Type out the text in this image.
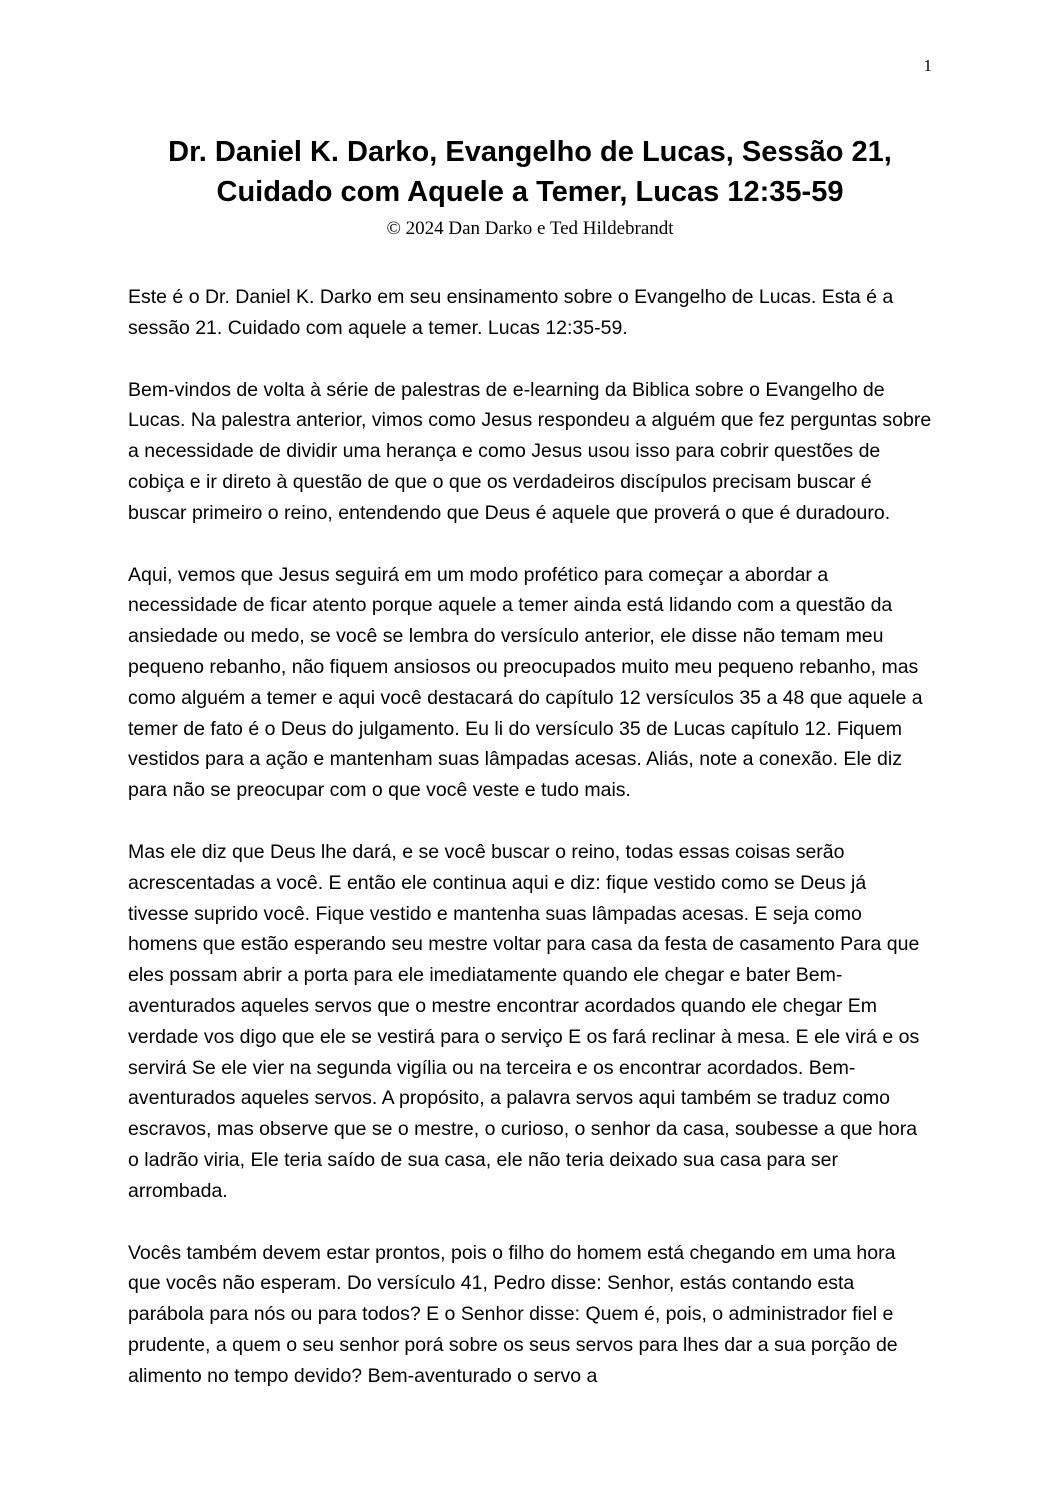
1
Dr. Daniel K. Darko, Evangelho de Lucas, Sessão 21,
Cuidado com Aquele a Temer, Lucas 12:35-59
© 2024 Dan Darko e Ted Hildebrandt

Este é o Dr. Daniel K. Darko em seu ensinamento sobre o Evangelho de Lucas. Esta é a sessão 21. Cuidado com aquele a temer. Lucas 12:35-59.

Bem-vindos de volta à série de palestras de e-learning da Biblica sobre o Evangelho de Lucas. Na palestra anterior, vimos como Jesus respondeu a alguém que fez perguntas sobre a necessidade de dividir uma herança e como Jesus usou isso para cobrir questões de cobiça e ir direto à questão de que o que os verdadeiros discípulos precisam buscar é buscar primeiro o reino, entendendo que Deus é aquele que proverá o que é duradouro.

Aqui, vemos que Jesus seguirá em um modo profético para começar a abordar a necessidade de ficar atento porque aquele a temer ainda está lidando com a questão da ansiedade ou medo, se você se lembra do versículo anterior, ele disse não temam meu pequeno rebanho, não fiquem ansiosos ou preocupados muito meu pequeno rebanho, mas como alguém a temer e aqui você destacará do capítulo 12 versículos 35 a 48 que aquele a temer de fato é o Deus do julgamento. Eu li do versículo 35 de Lucas capítulo 12. Fiquem vestidos para a ação e mantenham suas lâmpadas acesas. Aliás, note a conexão. Ele diz para não se preocupar com o que você veste e tudo mais.

Mas ele diz que Deus lhe dará, e se você buscar o reino, todas essas coisas serão acrescentadas a você. E então ele continua aqui e diz: fique vestido como se Deus já tivesse suprido você. Fique vestido e mantenha suas lâmpadas acesas. E seja como homens que estão esperando seu mestre voltar para casa da festa de casamento Para que eles possam abrir a porta para ele imediatamente quando ele chegar e bater Bem-aventurados aqueles servos que o mestre encontrar acordados quando ele chegar Em verdade vos digo que ele se vestirá para o serviço E os fará reclinar à mesa. E ele virá e os servirá Se ele vier na segunda vigília ou na terceira e os encontrar acordados. Bem-aventurados aqueles servos. A propósito, a palavra servos aqui também se traduz como escravos, mas observe que se o mestre, o curioso, o senhor da casa, soubesse a que hora o ladrão viria, Ele teria saído de sua casa, ele não teria deixado sua casa para ser arrombada.

Vocês também devem estar prontos, pois o filho do homem está chegando em uma hora que vocês não esperam. Do versículo 41, Pedro disse: Senhor, estás contando esta parábola para nós ou para todos? E o Senhor disse: Quem é, pois, o administrador fiel e prudente, a quem o seu senhor porá sobre os seus servos para lhes dar a sua porção de alimento no tempo devido? Bem-aventurado o servo a
